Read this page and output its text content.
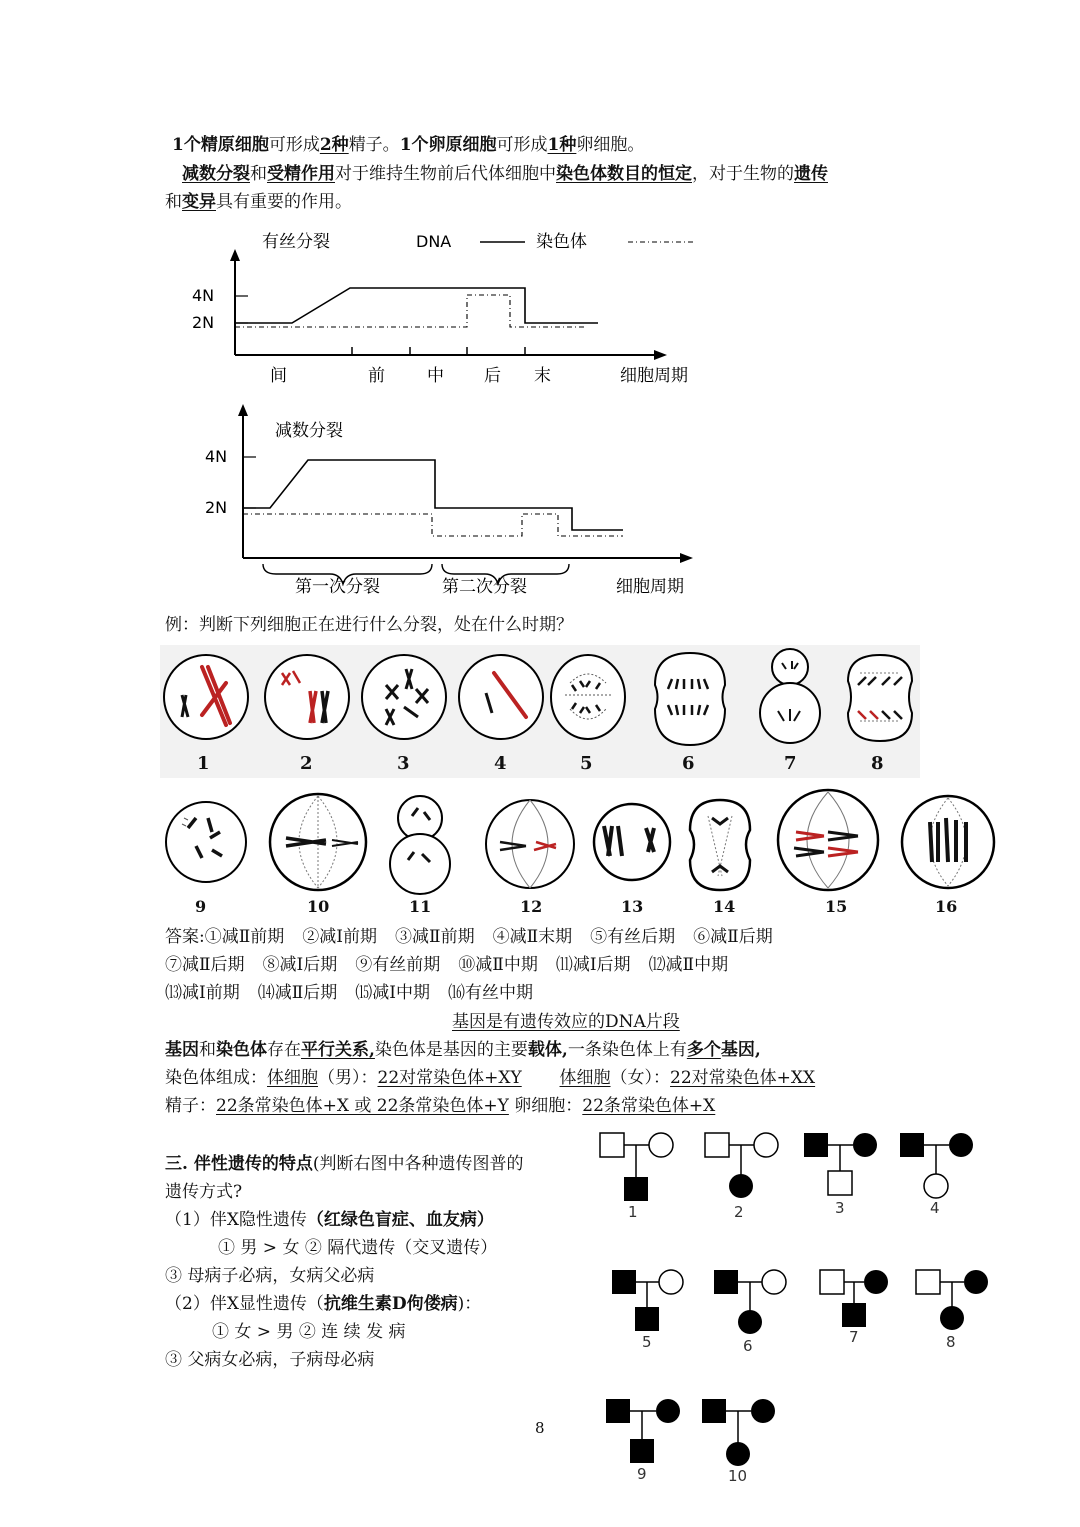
1个精原细胞可形成2种精子。1个卵原细胞可形成1种卵细胞。
减数分裂和受精作用对于维持生物前后代体细胞中染色体数目的恒定，对于生物的遗传
和变异具有重要的作用。
有丝分裂	DNA	染色体
4N
2N
间	前 中 后 末	细胞周期
减数分裂
4N
2N
第一次分裂	第二次分裂	细胞周期
例：判断下列细胞正在进行什么分裂，处在什么时期？
1	2	3	4	5	6	7	8
9	10	11	12	13	14	15	16
答案:①减Ⅱ前期 ②减Ⅰ前期 ③减Ⅱ前期 ④减Ⅱ末期 ⑤有丝后期 ⑥减Ⅱ后期
⑦减Ⅱ后期 ⑧减Ⅰ后期 ⑨有丝前期 ⑩减Ⅱ中期 ⑾减Ⅰ后期 ⑿减Ⅱ中期
⒀减Ⅰ前期 ⒁减Ⅱ后期 ⒂减Ⅰ中期 ⒃有丝中期
基因是有遗传效应的DNA片段
基因和染色体存在平行关系,染色体是基因的主要载体,一条染色体上有多个基因,
染色体组成：体细胞（男）：22对常染色体+XY 体细胞（女）：22对常染色体+XX
精子：22条常染色体+X 或 22条常染色体+Y 卵细胞：22条常染色体+X
三. 伴性遗传的特点(判断右图中各种遗传图普的
遗传方式?
（1）伴X隐性遗传（红绿色盲症、血友病）
① 男 > 女 ② 隔代遗传（交叉遗传）
③ 母病子必病，女病父必病
（2）伴X显性遗传（抗维生素D佝偻病)：
① 女 > 男 ② 连 续 发 病
③ 父病女必病，子病母必病
1	2	3	4
5	6	7	8
9	10
8
